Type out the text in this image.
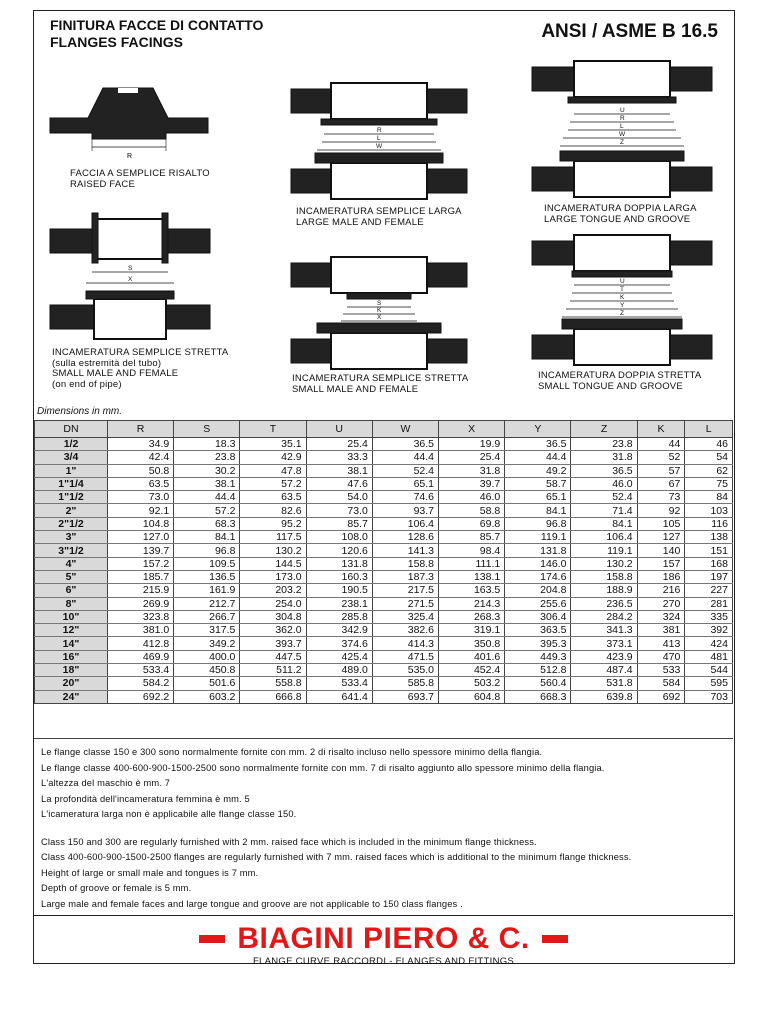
FINITURA FACCE DI CONTATTO
FLANGES FACINGS	ANSI / ASME B 16.5
R
FACCIA A SEMPLICE RISALTO
RAISED FACE
R
L
W
INCAMERATURA SEMPLICE LARGA
LARGE MALE AND FEMALE
U
R
L
W
Z
INCAMERATURA DOPPIA LARGA
LARGE TONGUE AND GROOVE
S
X
INCAMERATURA SEMPLICE STRETTA
(sulla estremità del tubo)
SMALL MALE AND FEMALE
(on end of pipe)
S
K
X
INCAMERATURA SEMPLICE STRETTA
SMALL MALE AND FEMALE
U
T
K
Y
Z
INCAMERATURA DOPPIA STRETTA
SMALL TONGUE AND GROOVE
Dimensions in mm.
DN	R	S	T	U	W	X	Y	Z	K	L
1/2	34.9	18.3	35.1	25.4	36.5	19.9	36.5	23.8	44	46
3/4	42.4	23.8	42.9	33.3	44.4	25.4	44.4	31.8	52	54
1"	50.8	30.2	47.8	38.1	52.4	31.8	49.2	36.5	57	62
1"1/4	63.5	38.1	57.2	47.6	65.1	39.7	58.7	46.0	67	75
1"1/2	73.0	44.4	63.5	54.0	74.6	46.0	65.1	52.4	73	84
2"	92.1	57.2	82.6	73.0	93.7	58.8	84.1	71.4	92	103
2"1/2	104.8	68.3	95.2	85.7	106.4	69.8	96.8	84.1	105	116
3"	127.0	84.1	117.5	108.0	128.6	85.7	119.1	106.4	127	138
3"1/2	139.7	96.8	130.2	120.6	141.3	98.4	131.8	119.1	140	151
4"	157.2	109.5	144.5	131.8	158.8	111.1	146.0	130.2	157	168
5"	185.7	136.5	173.0	160.3	187.3	138.1	174.6	158.8	186	197
6"	215.9	161.9	203.2	190.5	217.5	163.5	204.8	188.9	216	227
8"	269.9	212.7	254.0	238.1	271.5	214.3	255.6	236.5	270	281
10"	323.8	266.7	304.8	285.8	325.4	268.3	306.4	284.2	324	335
12"	381.0	317.5	362.0	342.9	382.6	319.1	363.5	341.3	381	392
14"	412.8	349.2	393.7	374.6	414.3	350.8	395.3	373.1	413	424
16"	469.9	400.0	447.5	425.4	471.5	401.6	449.3	423.9	470	481
18"	533.4	450.8	511.2	489.0	535.0	452.4	512.8	487.4	533	544
20"	584.2	501.6	558.8	533.4	585.8	503.2	560.4	531.8	584	595
24"	692.2	603.2	666.8	641.4	693.7	604.8	668.3	639.8	692	703

Le flange classe 150 e 300 sono normalmente fornite con mm. 2 di risalto incluso nello spessore minimo della flangia.

Le flange classe 400-600-900-1500-2500 sono normalmente fornite con mm. 7 di risalto aggiunto allo spessore minimo della flangia.

L'altezza del maschio è mm. 7

La profondità dell'incameratura femmina è mm. 5

L'icameratura larga non è applicabile alle flange classe 150.

Class 150 and 300 are regularly furnished with 2 mm. raised face which is included in the minimum flange thickness.

Class 400-600-900-1500-2500 flanges are regularly furnished with 7 mm. raised faces which is additional to the minimum flange thickness.

Height of large or small male and tongues is 7 mm.

Depth of groove or female is 5 mm.

Large male and female faces and large tongue and groove are not applicable to 150 class flanges .

BIAGINI PIERO & C.
FLANGE CURVE RACCORDI - FLANGES AND FITTINGS
